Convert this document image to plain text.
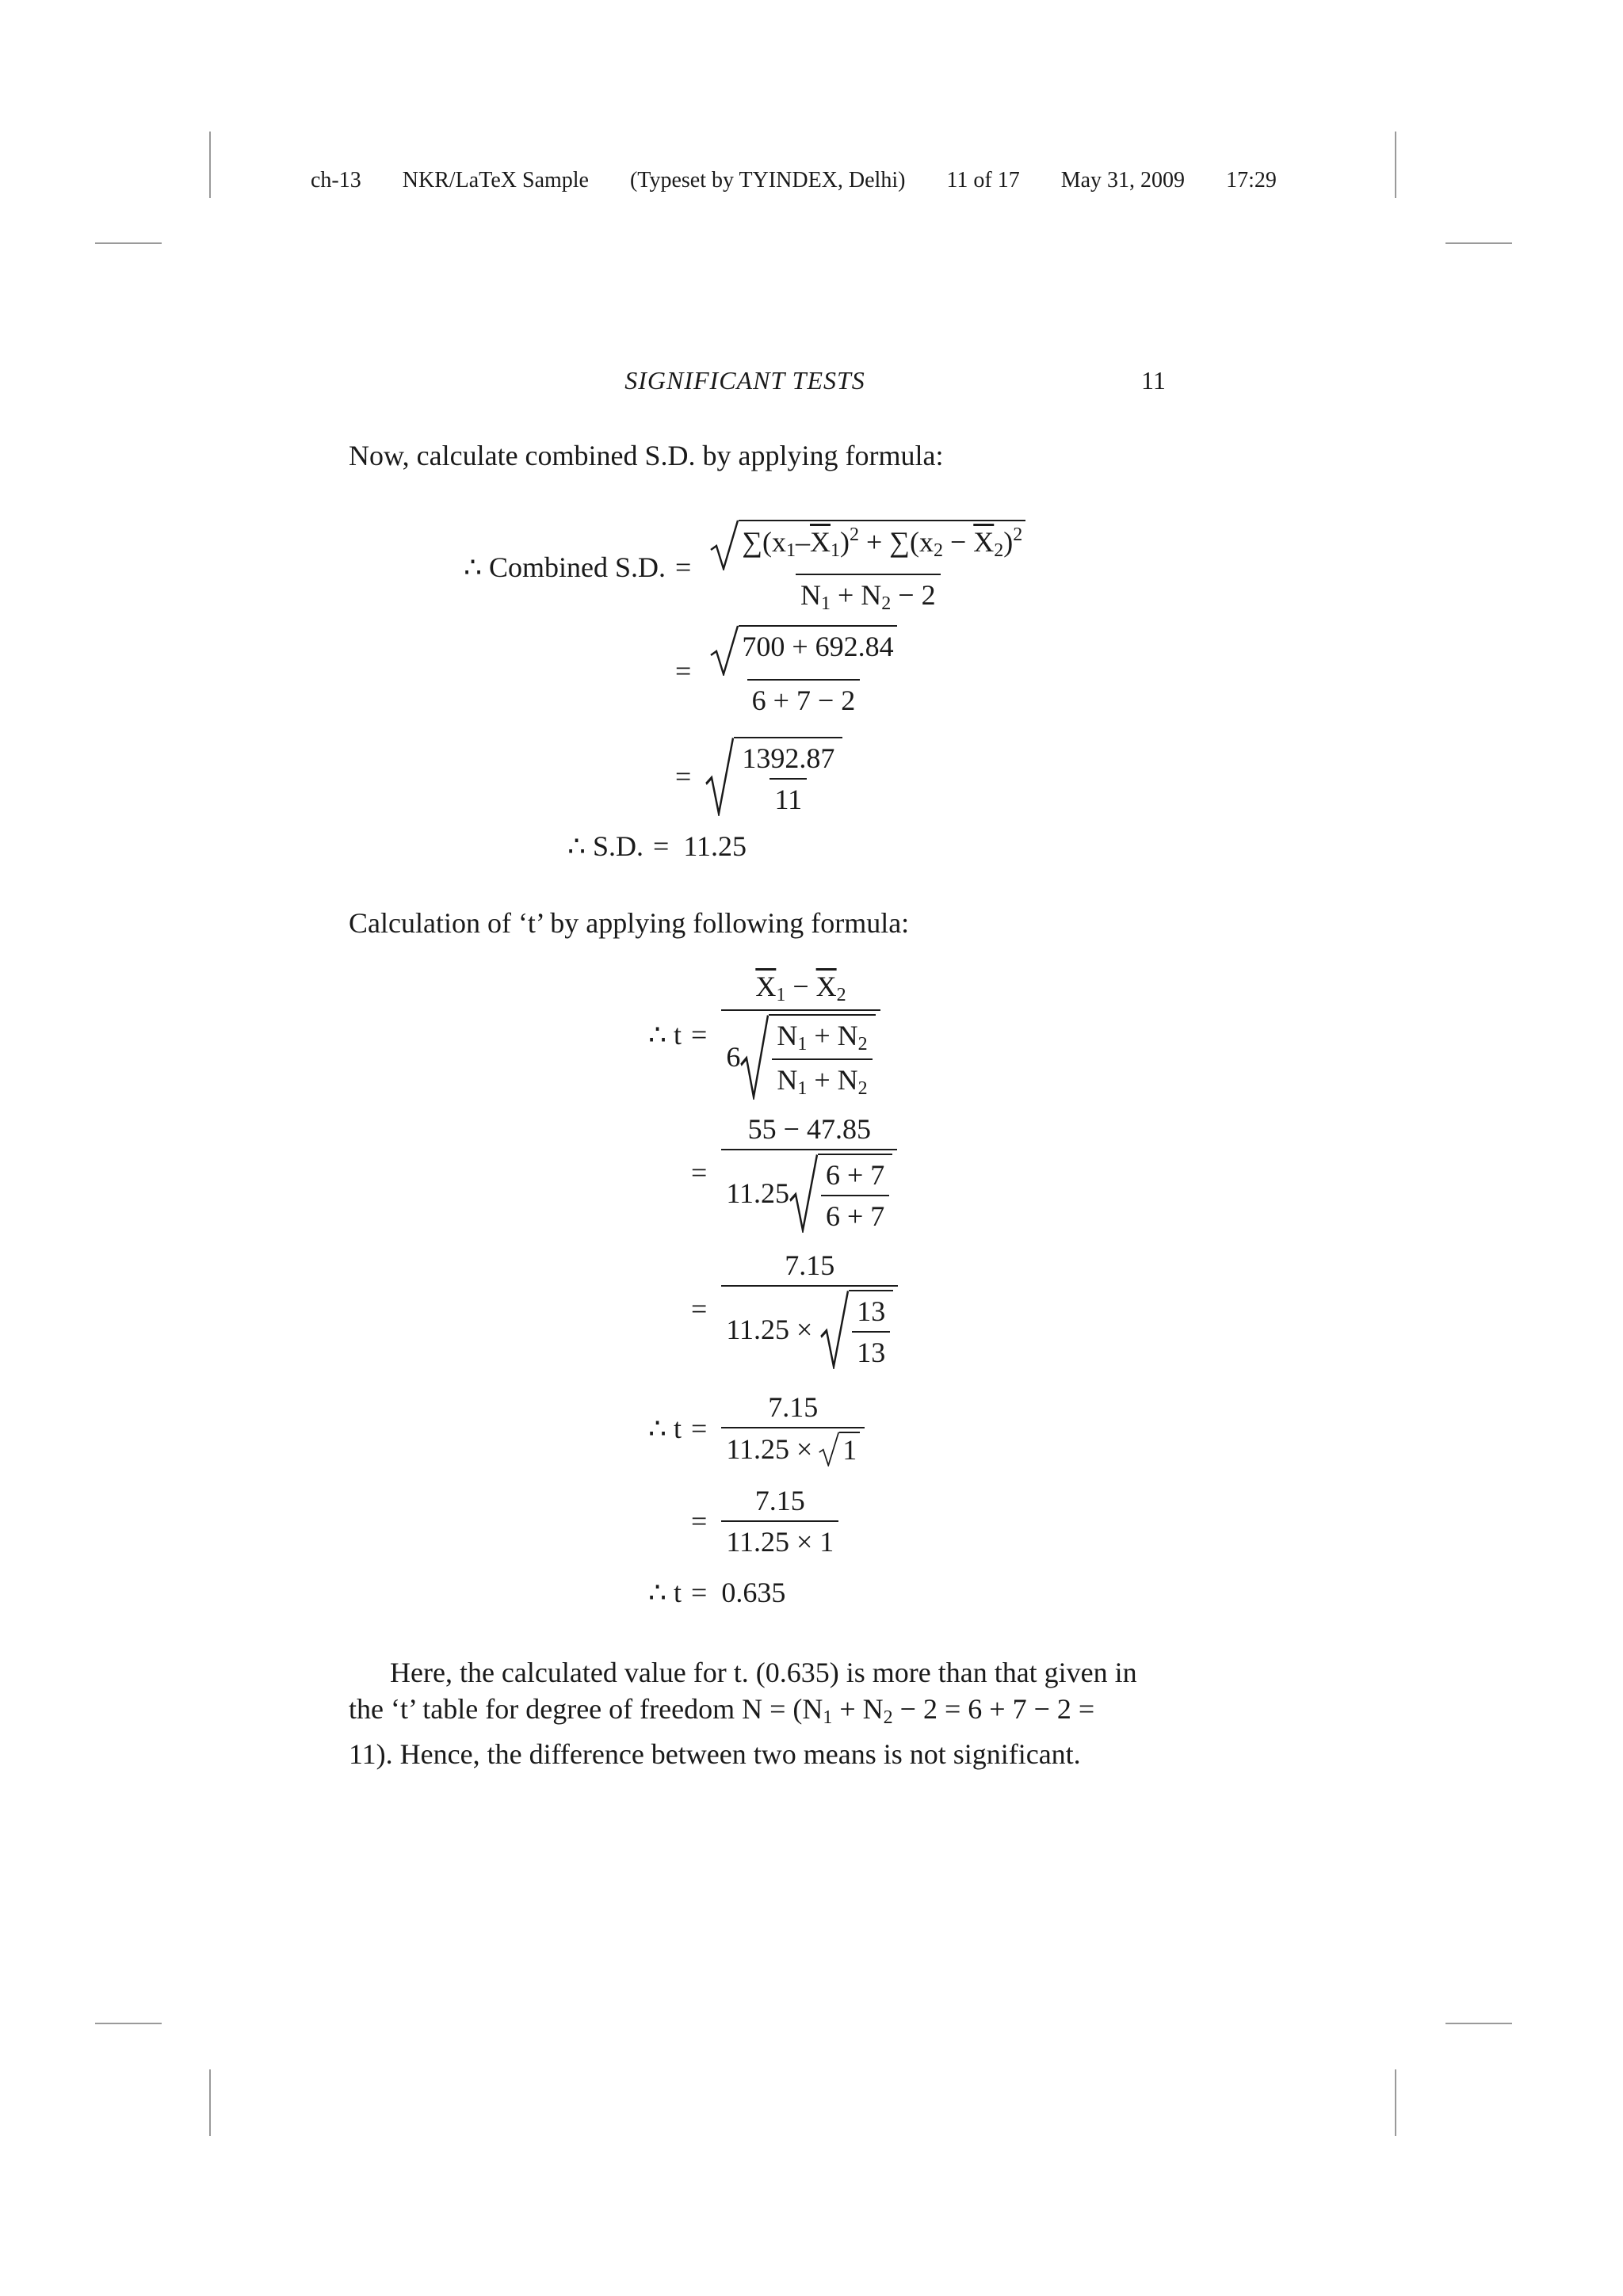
ch-13 NKR/LaTeX Sample (Typeset by TYINDEX, Delhi) 11 of 17 May 31, 2009 17:29
SIGNIFICANT TESTS	11
Now, calculate combined S.D. by applying formula:
∴ Combined S.D. = $\frac{\sum(x_1-\overline{X}_1)^2 + \sum(x_2 - \overline{X}_2)^2}{N_1 + N_2 - 2}$
= $\frac{700 + 692.84}{6 + 7 - 2}$
= $\frac{1392.87}{11}$
∴ S.D. = 11.25
Calculation of ‘t’ by applying following formula:
∴ t =
$\overline{X}_1 - \overline{X}_2$
$6 \frac{N_1 + N_2}{N_1 + N_2}$
=
55 − 47.85
$11.25 \frac{6 + 7}{6 + 7}$
=
7.15
$11.25 \times \frac{13}{13}$
∴ $t = \frac{7.15}{11.25 \times 1}$
= $\frac{7.15}{11.25 \times 1}$
∴ t = 0.635
Here, the calculated value for t. (0.635) is more than that given in
the ‘t’ table for degree of freedom $N = (N_1 + N_2 - 2 = 6 + 7 - 2$ =
11). Hence, the difference between two means is not significant.
